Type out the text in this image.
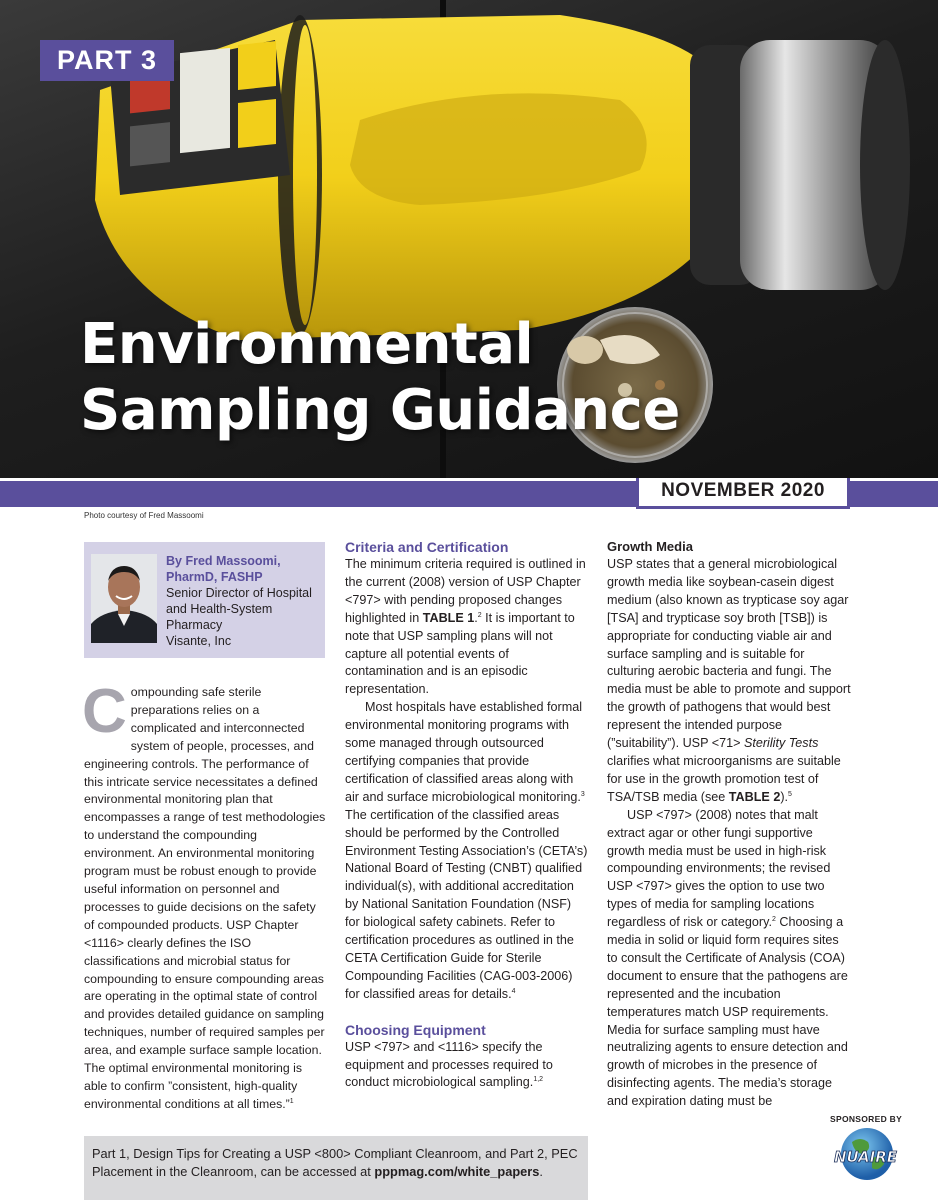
PART 3
Environmental
Sampling Guidance
NOVEMBER 2020
Photo courtesy of Fred Massoomi
By Fred Massoomi, PharmD, FASHP
Senior Director of Hospital and Health-System Pharmacy
Visante, Inc

Compounding safe sterile preparations relies on a complicated and interconnected system of people, processes, and engineering controls. The performance of this intricate service necessitates a defined environmental monitoring plan that encompasses a range of test methodologies to understand the compounding environment. An environmental monitoring program must be robust enough to provide useful information on personnel and processes to guide decisions on the safety of compounded products. USP Chapter <1116> clearly defines the ISO classifications and microbial status for compounding to ensure compounding areas are operating in the optimal state of control and provides detailed guidance on sampling techniques, number of required samples per area, and example surface sample location. The optimal environmental monitoring is able to confirm ”consistent, high-quality environmental conditions at all times.”$^1$

Criteria and Certification

The minimum criteria required is outlined in the current (2008) version of USP Chapter <797> with pending proposed changes highlighted in TABLE 1.$^2$ It is important to note that USP sampling plans will not capture all potential events of contamination and is an episodic representation.

Most hospitals have established formal environmental monitoring programs with some managed through outsourced certifying companies that provide certification of classified areas along with air and surface microbiological monitoring.$^3$ The certification of the classified areas should be performed by the Controlled Environment Testing Association’s (CETA’s) National Board of Testing (CNBT) qualified individual(s), with additional accreditation by National Sanitation Foundation (NSF) for biological safety cabinets. Refer to certification procedures as outlined in the CETA Certification Guide for Sterile Compounding Facilities (CAG-003-2006) for classified areas for details.$^4$

Choosing Equipment

USP <797> and <1116> specify the equipment and processes required to conduct microbiological sampling.$^{1,2}$

Growth Media

USP states that a general microbiological growth media like soybean-casein digest medium (also known as trypticase soy agar [TSA] and trypticase soy broth [TSB]) is appropriate for conducting viable air and surface sampling and is suitable for culturing aerobic bacteria and fungi. The media must be able to promote and support the growth of pathogens that would best represent the intended purpose (”suitability”). USP <71> Sterility Tests clarifies what microorganisms are suitable for use in the growth promotion test of TSA/TSB media (see TABLE 2).$^5$

USP <797> (2008) notes that malt extract agar or other fungi supportive growth media must be used in high-risk compounding environments; the revised USP <797> gives the option to use two types of media for sampling locations regardless of risk or category.$^2$ Choosing a media in solid or liquid form requires sites to consult the Certificate of Analysis (COA) document to ensure that the pathogens are represented and the incubation temperatures match USP requirements. Media for surface sampling must have neutralizing agents to ensure detection and growth of microbes in the presence of disinfecting agents. The media’s storage and expiration dating must be

Part 1, Design Tips for Creating a USP <800> Compliant Cleanroom, and Part 2, PEC Placement in the Cleanroom, can be accessed at pppmag.com/white_papers.

SPONSORED BY
NUAIRE
